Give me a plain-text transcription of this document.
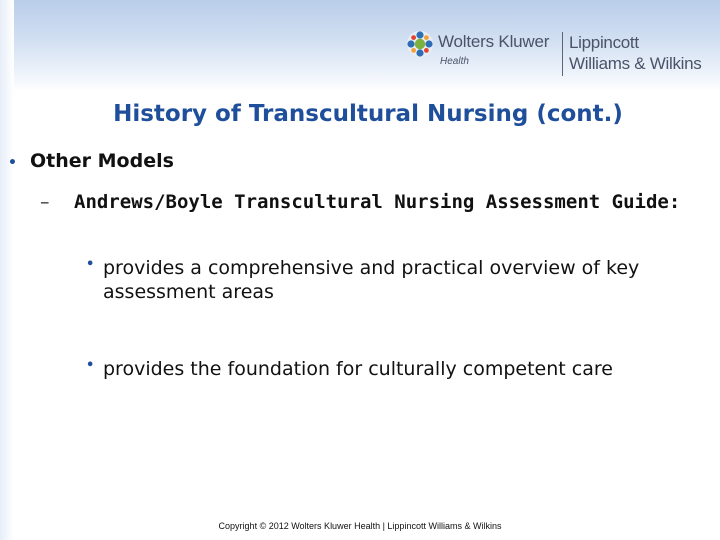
Wolters Kluwer
Health
Lippincott
Williams & Wilkins
History of Transcultural Nursing (cont.)
• Other Models
– Andrews/Boyle Transcultural Nursing Assessment Guide:
• provides a comprehensive and practical overview of key assessment areas
• provides the foundation for culturally competent care
Copyright © 2012 Wolters Kluwer Health | Lippincott Williams & Wilkins
